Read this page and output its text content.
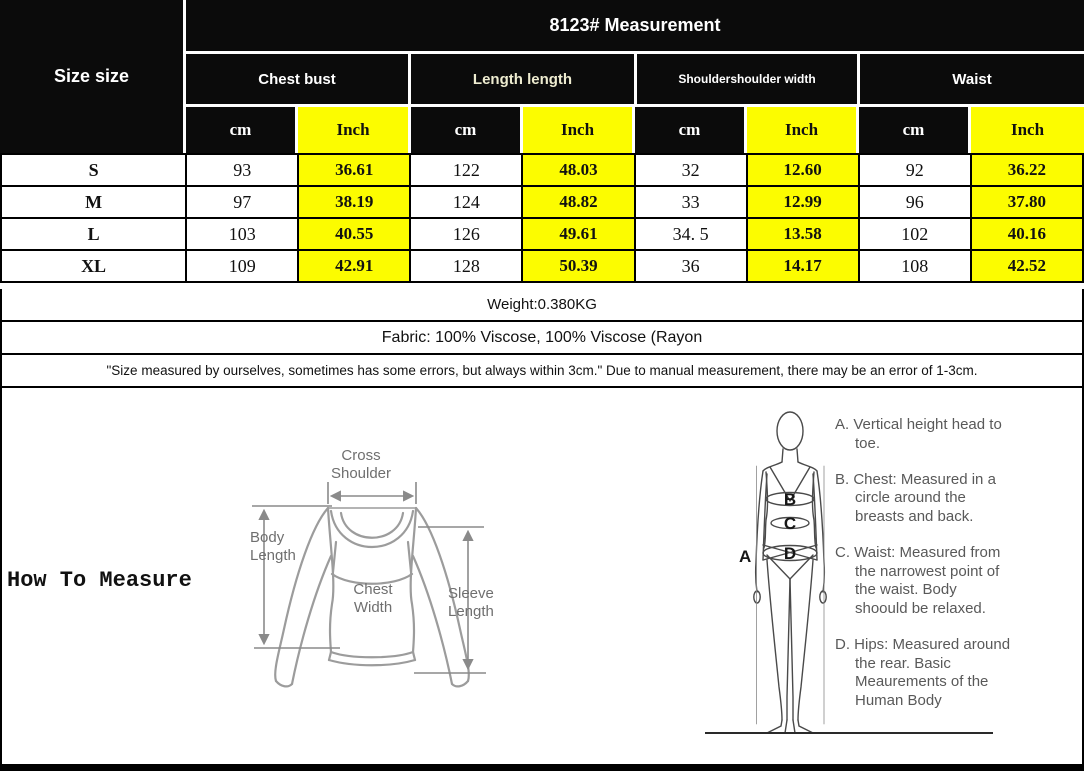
Size size
8123# Measurement
Chest bust	Length length	Shouldershoulder width	Waist
cm	Inch	cm	Inch	cm	Inch	cm	Inch
S	93	36.61	122	48.03	32	12.60	92	36.22
M	97	38.19	124	48.82	33	12.99	96	37.80
L	103	40.55	126	49.61	34. 5	13.58	102	40.16
XL	109	42.91	128	50.39	36	14.17	108	42.52
Weight:0.380KG
Fabric: 100% Viscose, 100% Viscose (Rayon
"Size measured by ourselves, sometimes has some errors, but always within 3cm." Due to manual measurement, there may be an error of 1-3cm.
How To Measure
Cross
Shoulder
Body
Length
Chest
Width
Sleeve
Length
A
B
C
D

A. Vertical height head to toe.

B. Chest: Measured in a circle around the breasts and back.

C. Waist: Measured from the narrowest point of the waist. Body shoould be relaxed.

D. Hips: Measured around the rear. Basic Meaurements of the Human Body
